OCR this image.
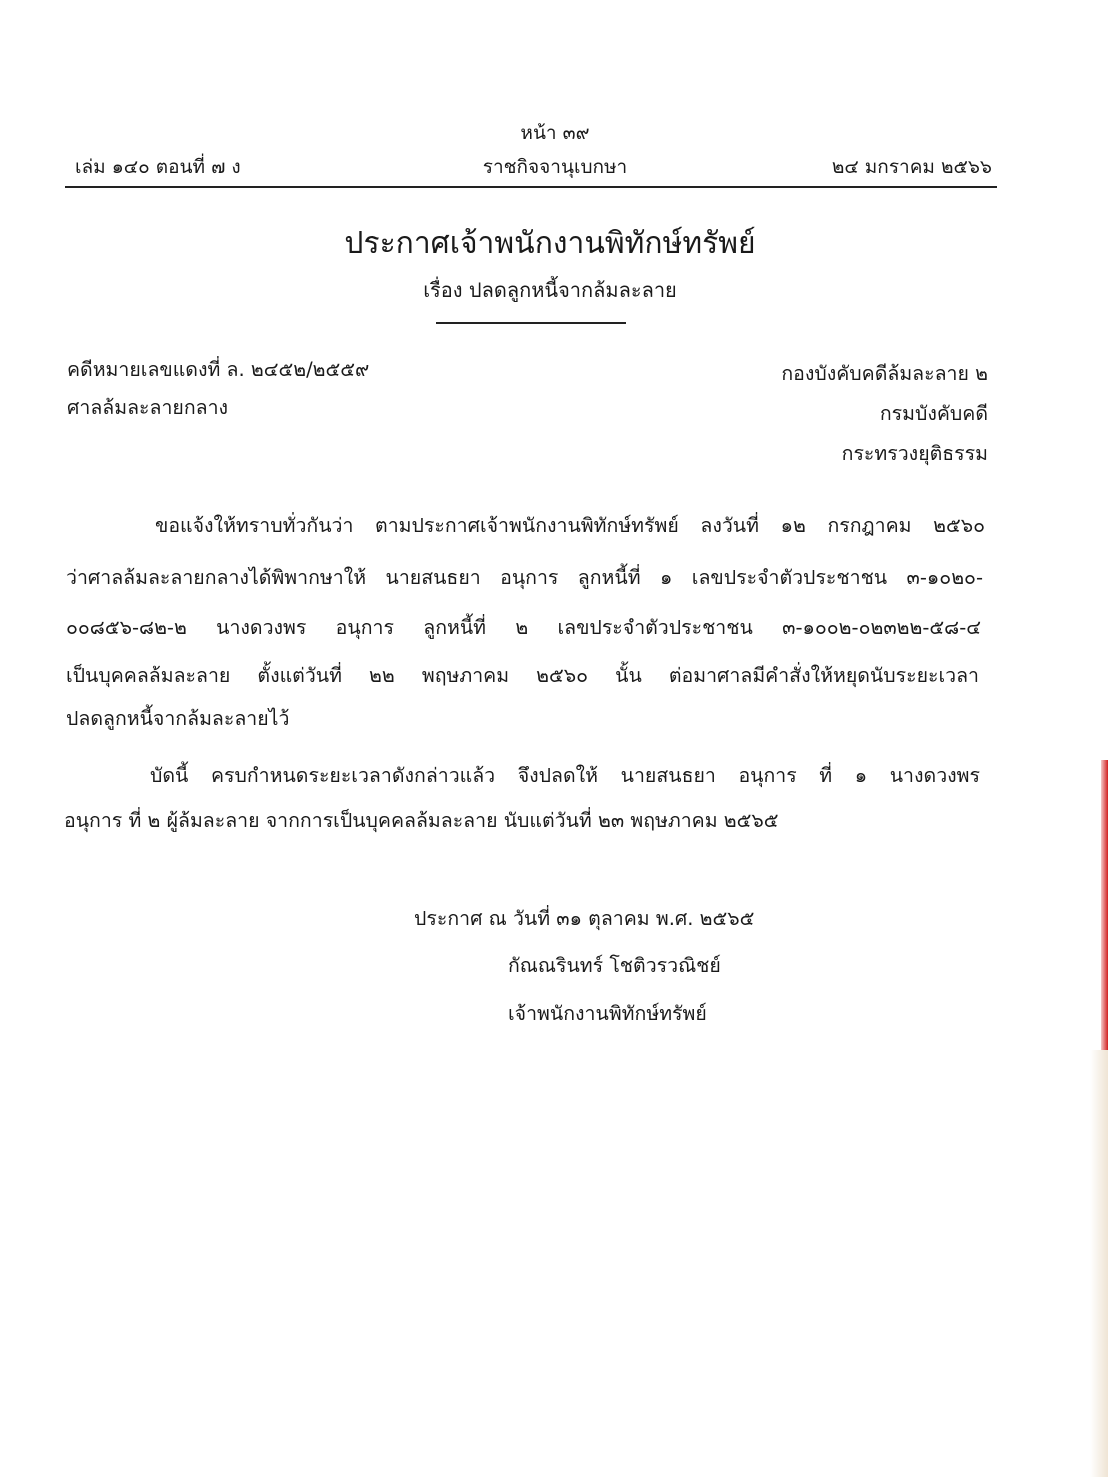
หน้า ๓๙
เล่ม ๑๔๐ ตอนที่ ๗ ง	ราชกิจจานุเบกษา	๒๔ มกราคม ๒๕๖๖
ประกาศเจ้าพนักงานพิทักษ์ทรัพย์
เรื่อง ปลดลูกหนี้จากล้มละลาย
คดีหมายเลขแดงที่ ล. ๒๔๕๒/๒๕๕๙
ศาลล้มละลายกลาง
กองบังคับคดีล้มละลาย ๒
กรมบังคับคดี
กระทรวงยุติธรรม
ขอแจ้งให้ทราบทั่วกันว่า ตามประกาศเจ้าพนักงานพิทักษ์ทรัพย์ ลงวันที่ ๑๒ กรกฎาคม ๒๕๖๐
ว่าศาลล้มละลายกลางได้พิพากษาให้ นายสนธยา อนุการ ลูกหนี้ที่ ๑ เลขประจำตัวประชาชน ๓-๑๐๒๐-
๐๐๘๕๖-๘๒-๒ นางดวงพร อนุการ ลูกหนี้ที่ ๒ เลขประจำตัวประชาชน ๓-๑๐๐๒-๐๒๓๒๒-๕๘-๔
เป็นบุคคลล้มละลาย ตั้งแต่วันที่ ๒๒ พฤษภาคม ๒๕๖๐ นั้น ต่อมาศาลมีคำสั่งให้หยุดนับระยะเวลา
ปลดลูกหนี้จากล้มละลายไว้
บัดนี้ ครบกำหนดระยะเวลาดังกล่าวแล้ว จึงปลดให้ นายสนธยา อนุการ ที่ ๑ นางดวงพร
อนุการ ที่ ๒ ผู้ล้มละลาย จากการเป็นบุคคลล้มละลาย นับแต่วันที่ ๒๓ พฤษภาคม ๒๕๖๕
ประกาศ ณ วันที่ ๓๑ ตุลาคม พ.ศ. ๒๕๖๕
กัณณรินทร์ โชติวรวณิชย์
เจ้าพนักงานพิทักษ์ทรัพย์
